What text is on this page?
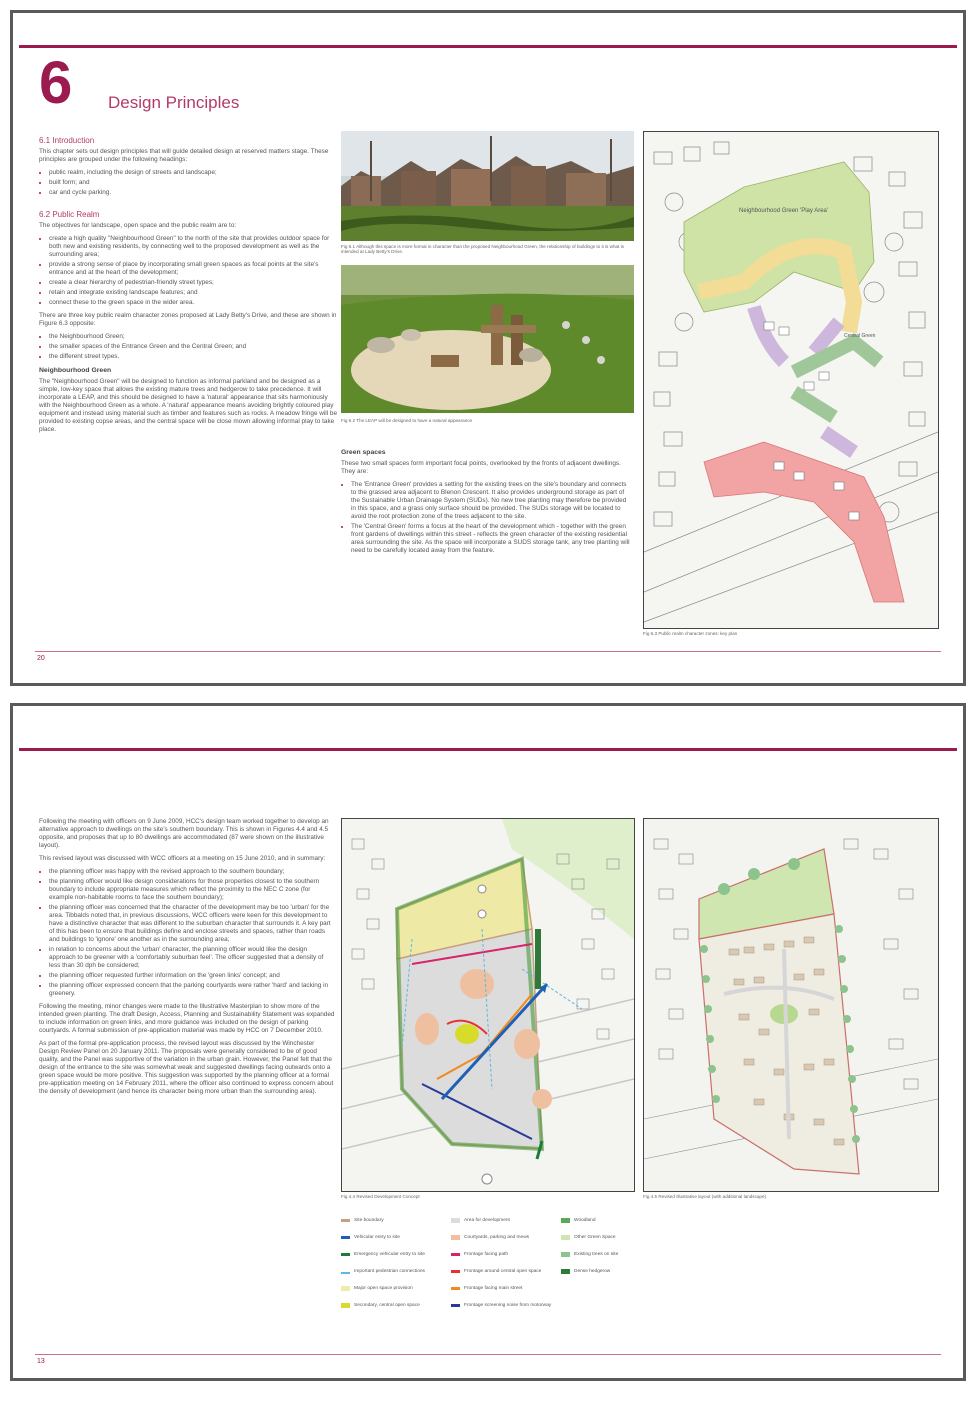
6 Design Principles
6.1 Introduction

This chapter sets out design principles that will guide detailed design at reserved matters stage. These principles are grouped under the following headings:

• public realm, including the design of streets and landscape;
• built form; and
• car and cycle parking.
6.2 Public Realm

The objectives for landscape, open space and the public realm are to:

• create a high quality "Neighbourhood Green" to the north of the site that provides outdoor space for both new and existing residents, by connecting well to the proposed development as well as the surrounding area;
• provide a strong sense of place by incorporating small green spaces as focal points at the site's entrance and at the heart of the development;
• create a clear hierarchy of pedestrian-friendly street types;
• retain and integrate existing landscape features; and
• connect these to the green space in the wider area.

There are three key public realm character zones proposed at Lady Betty's Drive, and these are shown in Figure 6.3 opposite:

• the Neighbourhood Green;
• the smaller spaces of the Entrance Green and the Central Green; and
• the different street types.
Neighbourhood Green

The "Neighbourhood Green" will be designed to function as informal parkland and be designed as a simple, low-key space that allows the existing mature trees and hedgerow to take precedence. It will incorporate a LEAP, and this should be designed to have a 'natural' appearance that sits harmoniously with the Neighbourhood Green as a whole. A 'natural' appearance means avoiding brightly coloured play equipment and instead using material such as timber and features such as rocks. A meadow fringe will be provided to existing copse areas, and the central space will be close mown allowing informal play to take place.

Fig 6.1 Although this space is more formal in character than the proposed Neighbourhood Green, the relationship of buildings to it is what is intended at Lady Betty's Drive.
Fig 6.2 The LEAP will be designed to have a natural appearance
Green spaces

These two small spaces form important focal points, overlooked by the fronts of adjacent dwellings. They are:

• The 'Entrance Green' provides a setting for the existing trees on the site's boundary and connects to the grassed area adjacent to Blenon Crescent. It also provides underground storage as part of the Sustainable Urban Drainage System (SUDs). No new tree planting may therefore be provided in this space, and a grass only surface should be provided. The SUDs storage will be located to avoid the root protection zone of the trees adjacent to the site.
• The 'Central Green' forms a focus at the heart of the development which - together with the green front gardens of dwellings within this street - reflects the green character of the existing residential area surrounding the site. As the space will incorporate a SUDS storage tank, any tree planting will need to be carefully located away from the feature.
Neighbourhood Green 'Play Area'
Central Green
Fig 6.3 Public realm character zones: key plan
20

Following the meeting with officers on 9 June 2009, HCC's design team worked together to develop an alternative approach to dwellings on the site's southern boundary. This is shown in Figures 4.4 and 4.5 opposite, and proposes that up to 80 dwellings are accommodated (87 were shown on the illustrative layout).

This revised layout was discussed with WCC officers at a meeting on 15 June 2010, and in summary:

• the planning officer was happy with the revised approach to the southern boundary;
• the planning officer would like design considerations for those properties closest to the southern boundary to include appropriate measures which reflect the proximity to the NEC C zone (for example non-habitable rooms to face the southern boundary);
• the planning officer was concerned that the character of the development may be too 'urban' for the area. Tibbalds noted that, in previous discussions, WCC officers were keen for this development to have a distinctive character that was different to the suburban character that surrounds it. A key part of this has been to ensure that buildings define and enclose streets and spaces, rather than roads and buildings to 'ignore' one another as in the surrounding area;
• in relation to concerns about the 'urban' character, the planning officer would like the design approach to be greener with a 'comfortably suburban feel'. The officer suggested that a density of less than 30 dph be considered;
• the planning officer requested further information on the 'green links' concept; and
• the planning officer expressed concern that the parking courtyards were rather 'hard' and lacking in greenery.

Following the meeting, minor changes were made to the Illustrative Masterplan to show more of the intended green planting. The draft Design, Access, Planning and Sustainability Statement was expanded to include information on green links, and more guidance was included on the design of parking courtyards. A formal submission of pre-application material was made by HCC on 7 December 2010.

As part of the formal pre-application process, the revised layout was discussed by the Winchester Design Review Panel on 20 January 2011. The proposals were generally considered to be of good quality, and the Panel was supportive of the variation in the urban grain. However, the Panel felt that the design of the entrance to the site was somewhat weak and suggested dwellings facing outwards onto a green space would be more positive. This suggestion was supported by the planning officer at a formal pre-application meeting on 14 February 2011, where the officer also continued to express concern about the density of development (and hence its character being more urban than the surrounding area).

Fig 4.4 Revised Development Concept	Fig 4.5 Revised Illustrative layout (with additional landscape)
Site boundary
Vehicular entry to site
Emergency vehicular entry to site
Important pedestrian connections
Major open space provision
Secondary, central open space
Area for development
Courtyards, parking and mews
Frontage facing path
Frontage around central open space
Frontage facing main street
Frontage screening noise from motorway
Woodland
Other Green Space
Existing trees on site
Dense hedgerow
13
